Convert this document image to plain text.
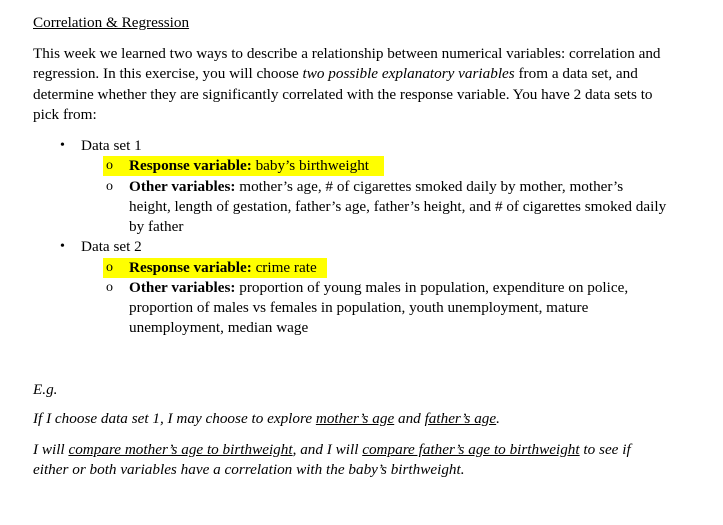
Correlation & Regression
This week we learned two ways to describe a relationship between numerical variables: correlation and
regression. In this exercise, you will choose two possible explanatory variables from a data set, and
determine whether they are significantly correlated with the response variable. You have 2 data sets to
pick from:
• Data set 1
o Response variable: baby’s birthweight
o Other variables: mother’s age, # of cigarettes smoked daily by mother, mother’s
height, length of gestation, father’s age, father’s height, and # of cigarettes smoked daily
by father
• Data set 2
o Response variable: crime rate
o Other variables: proportion of young males in population, expenditure on police,
proportion of males vs females in population, youth unemployment, mature
unemployment, median wage
E.g.
If I choose data set 1, I may choose to explore mother’s age and father’s age.
I will compare mother’s age to birthweight, and I will compare father’s age to birthweight to see if
either or both variables have a correlation with the baby’s birthweight.
